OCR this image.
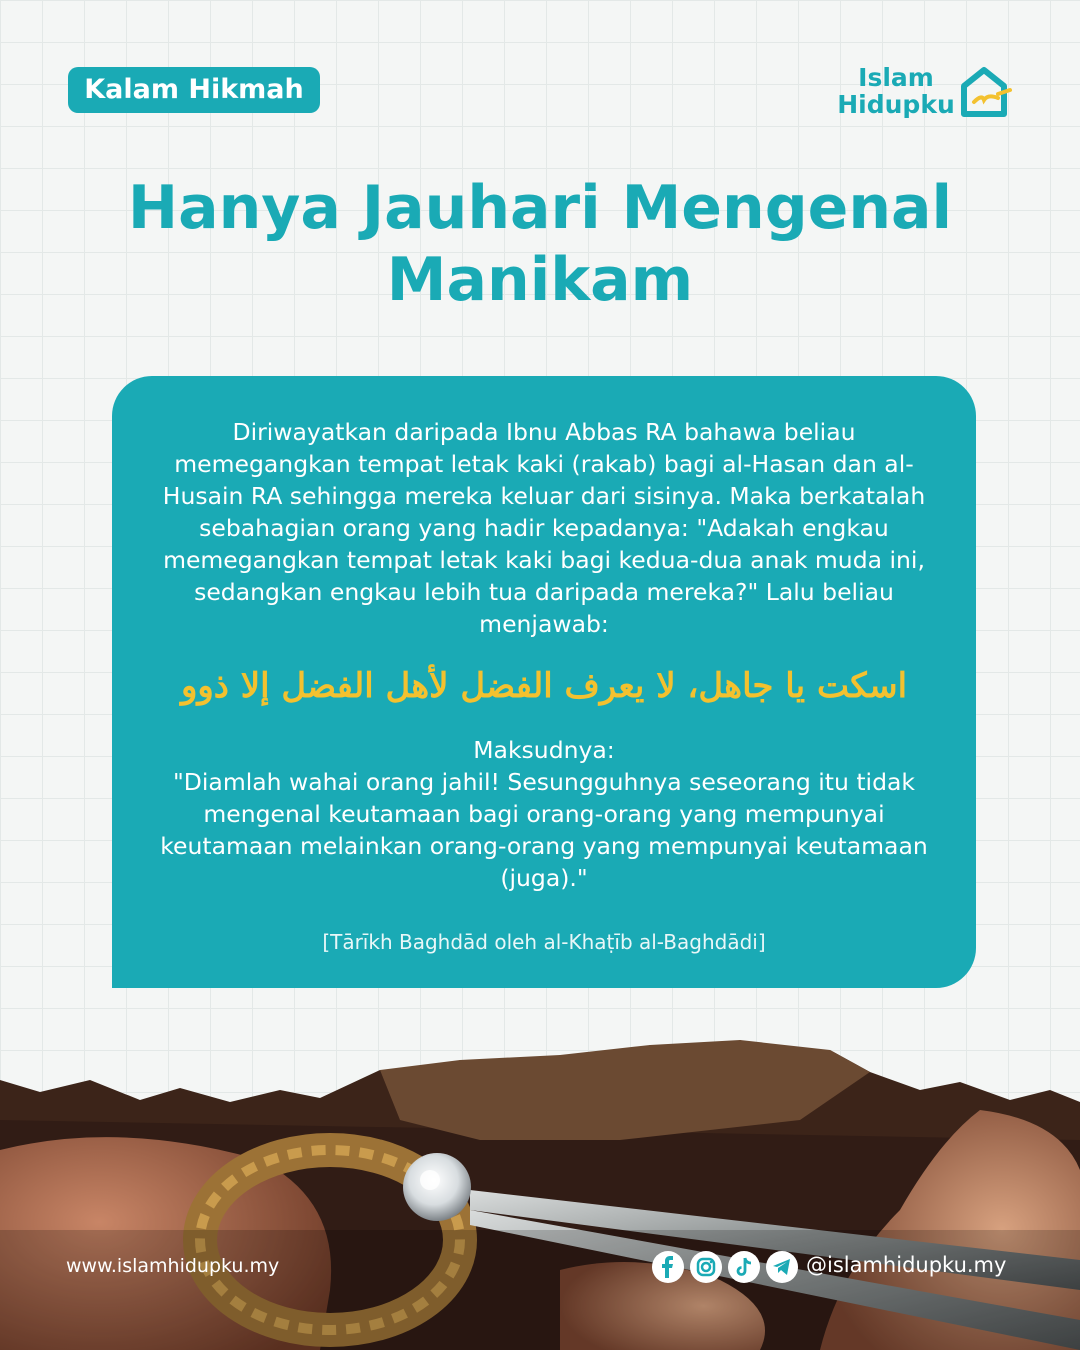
Kalam Hikmah	Islam
Hidupku
Hanya Jauhari Mengenal Manikam

Diriwayatkan daripada Ibnu Abbas RA bahawa beliau memegangkan tempat letak kaki (rakab) bagi al-Hasan dan al-Husain RA sehingga mereka keluar dari sisinya. Maka berkatalah sebahagian orang yang hadir kepadanya: "Adakah engkau memegangkan tempat letak kaki bagi kedua-dua anak muda ini, sedangkan engkau lebih tua daripada mereka?" Lalu beliau menjawab:

اسكت يا جاهل، لا يعرف الفضل لأهل الفضل إلا ذوو

Maksudnya:

"Diamlah wahai orang jahil! Sesungguhnya seseorang itu tidak mengenal keutamaan bagi orang-orang yang mempunyai keutamaan melainkan orang-orang yang mempunyai keutamaan (juga)."

[Tārīkh Baghdād oleh al-Khaṭīb al-Baghdādi]

www.islamhidupku.my	@islamhidupku.my
